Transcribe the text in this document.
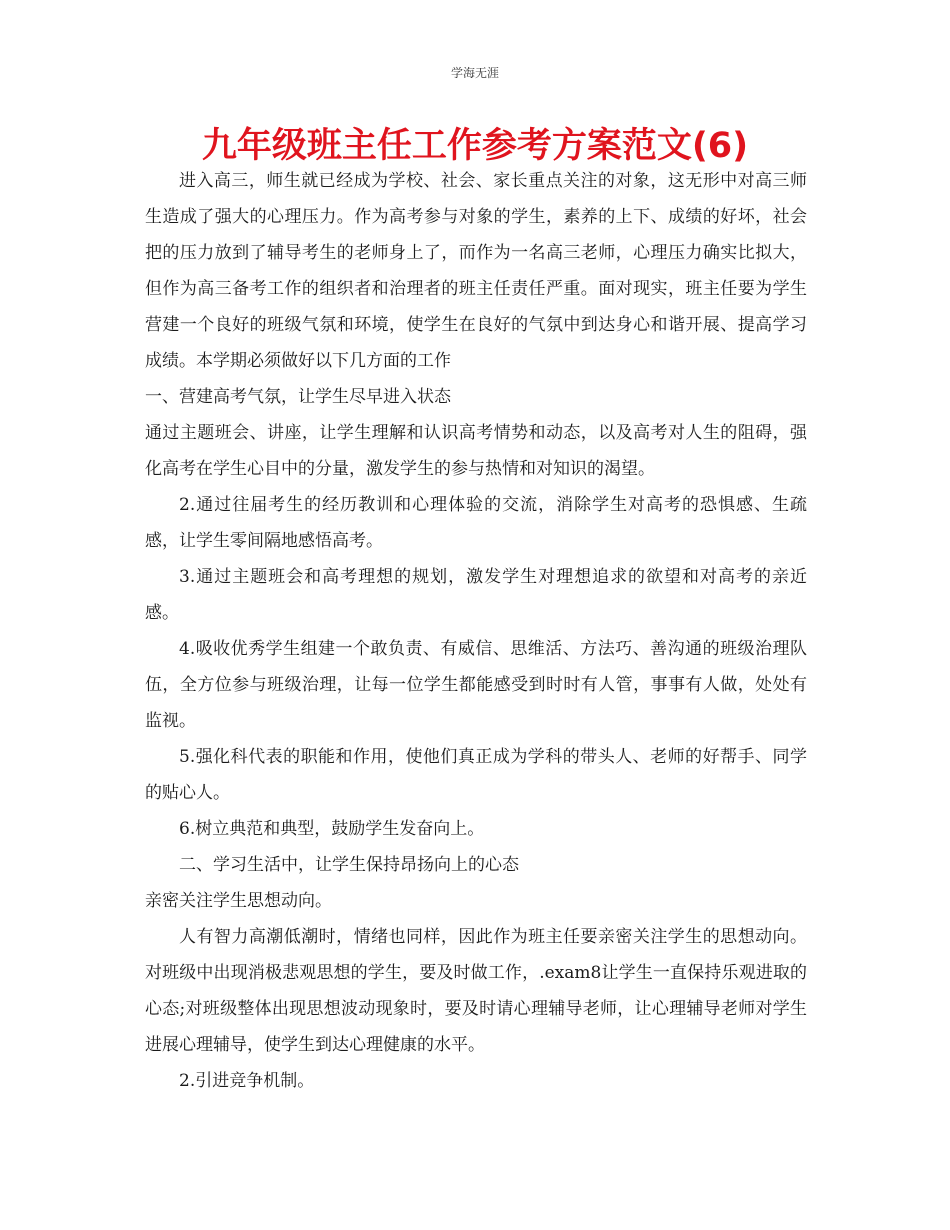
学海无涯
九年级班主任工作参考方案范文(6)

进入高三，师生就已经成为学校、社会、家长重点关注的对象，这无形中对高三师生造成了强大的心理压力。作为高考参与对象的学生，素养的上下、成绩的好坏，社会把的压力放到了辅导考生的老师身上了，而作为一名高三老师，心理压力确实比拟大，但作为高三备考工作的组织者和治理者的班主任责任严重。面对现实，班主任要为学生营建一个良好的班级气氛和环境，使学生在良好的气氛中到达身心和谐开展、提高学习成绩。本学期必须做好以下几方面的工作

一、营建高考气氛，让学生尽早进入状态

通过主题班会、讲座，让学生理解和认识高考情势和动态，以及高考对人生的阻碍，强化高考在学生心目中的分量，激发学生的参与热情和对知识的渴望。

2.通过往届考生的经历教训和心理体验的交流，消除学生对高考的恐惧感、生疏感，让学生零间隔地感悟高考。

3.通过主题班会和高考理想的规划，激发学生对理想追求的欲望和对高考的亲近感。

4.吸收优秀学生组建一个敢负责、有威信、思维活、方法巧、善沟通的班级治理队伍，全方位参与班级治理，让每一位学生都能感受到时时有人管，事事有人做，处处有监视。

5.强化科代表的职能和作用，使他们真正成为学科的带头人、老师的好帮手、同学的贴心人。

6.树立典范和典型，鼓励学生发奋向上。

二、学习生活中，让学生保持昂扬向上的心态

亲密关注学生思想动向。

人有智力高潮低潮时，情绪也同样，因此作为班主任要亲密关注学生的思想动向。对班级中出现消极悲观思想的学生，要及时做工作，.exam8让学生一直保持乐观进取的心态;对班级整体出现思想波动现象时，要及时请心理辅导老师，让心理辅导老师对学生进展心理辅导，使学生到达心理健康的水平。

2.引进竞争机制。
